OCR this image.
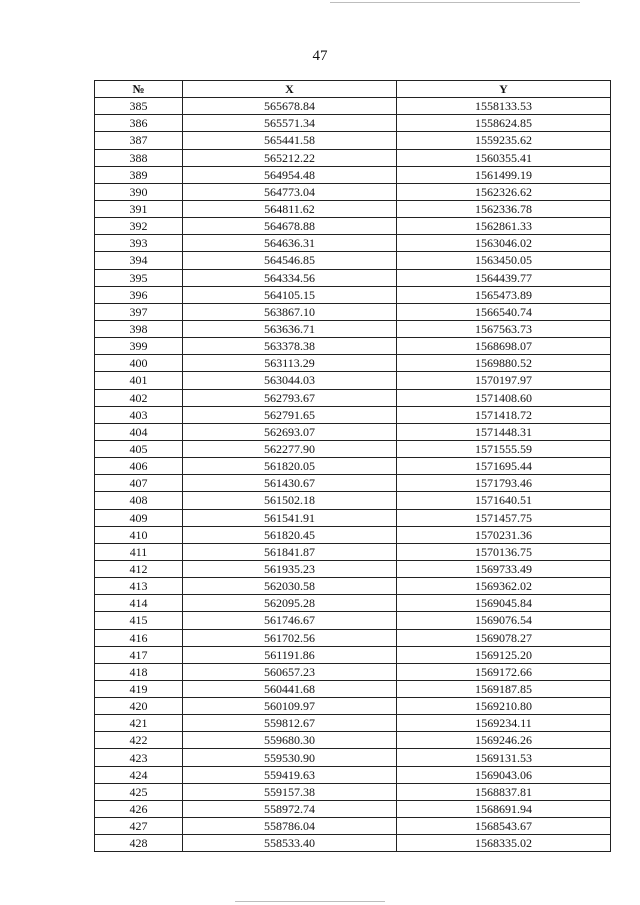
47
№	X	Y
385	565678.84	1558133.53
386	565571.34	1558624.85
387	565441.58	1559235.62
388	565212.22	1560355.41
389	564954.48	1561499.19
390	564773.04	1562326.62
391	564811.62	1562336.78
392	564678.88	1562861.33
393	564636.31	1563046.02
394	564546.85	1563450.05
395	564334.56	1564439.77
396	564105.15	1565473.89
397	563867.10	1566540.74
398	563636.71	1567563.73
399	563378.38	1568698.07
400	563113.29	1569880.52
401	563044.03	1570197.97
402	562793.67	1571408.60
403	562791.65	1571418.72
404	562693.07	1571448.31
405	562277.90	1571555.59
406	561820.05	1571695.44
407	561430.67	1571793.46
408	561502.18	1571640.51
409	561541.91	1571457.75
410	561820.45	1570231.36
411	561841.87	1570136.75
412	561935.23	1569733.49
413	562030.58	1569362.02
414	562095.28	1569045.84
415	561746.67	1569076.54
416	561702.56	1569078.27
417	561191.86	1569125.20
418	560657.23	1569172.66
419	560441.68	1569187.85
420	560109.97	1569210.80
421	559812.67	1569234.11
422	559680.30	1569246.26
423	559530.90	1569131.53
424	559419.63	1569043.06
425	559157.38	1568837.81
426	558972.74	1568691.94
427	558786.04	1568543.67
428	558533.40	1568335.02
